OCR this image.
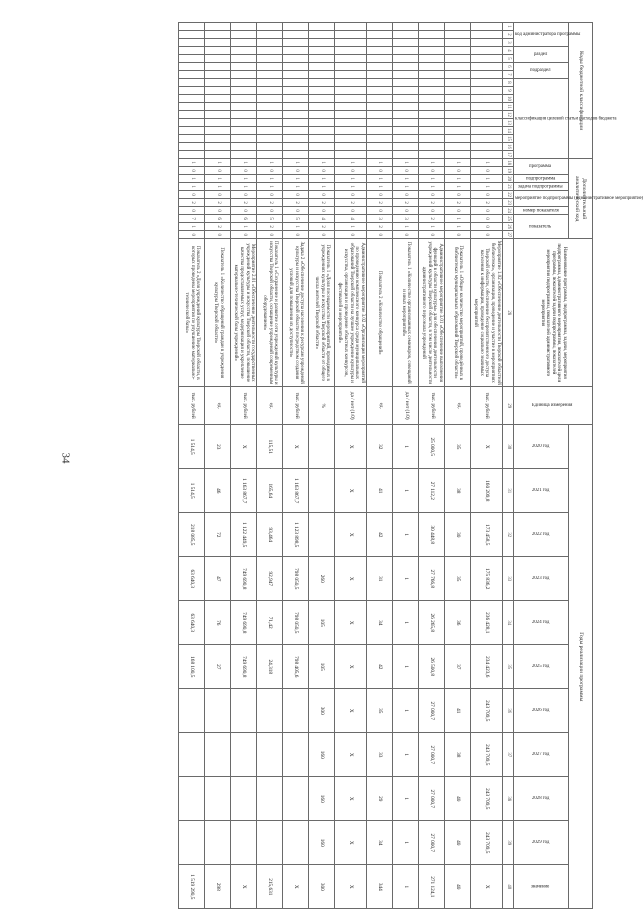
34
Коды бюджетной классификации																	Дополнительный аналитический код										Наименование программы, подпрограммы, задачи, мероприятия подпрограммы, административного мероприятия, показателей цели программы, показателей задачи подпрограммы, показателей мероприятия подпрограммы, показателей административного мероприятия	Единица измерения	Годы реализации программы	
код администратора программы			раздел		подраздел		классификация целевой статьи расходов бюджета										программа		подпрограмма	задача подпрограммы	мероприятие подпрограммы (административное мероприятие)		номер показателя	показатель					2020 год	2021 год	2022 год	2023 год	2024 год	2025 год	2026 год	2027 год	2028 год	2029 год	значение	
1	2	3	4	5	6	7	8	9	10	11	12	13	14	15	16	17	18	19	20	21	22	23	24	25	26	27	28	29	30	31	32	33	34	35	36	37	38	39	40	
																	1	0	1	1	0	2	0	0	0	0	Мероприятие 1.02 «Обеспечение деятельности Тверской областной библиотеки», организация, проведение и участие в мероприятиях Тверской области, обеспечение беспрепятственного доступа населения к информации, проведение социально значимых мероприятий	тыс. рублей	Х	160 209,8	173 458,5	175 836,2	236 428,1	234 423,6	243 709,5	243 709,5	243 709,5	243 709,5	Х	
																	1	0	1	1	0	2	0	1	1	0	Показатель 1 «Общее количество мероприятий, проведённых в библиотеках муниципальных образований Тверской области»	ед.	35	38	30	35	36	37	41	38	40	40	40	
																	1	0	1	1	0	2	0	2	1	0	Административное мероприятие 3.01 «Обеспечение выполнения функций в области культуры» для обеспечения деятельности учреждений культуры Тверской области, в том числе деятельности административного персонала учреждений	тыс. рублей	25 000,5	27 112,2	30 448,8	27 766,8	26 265,8	26 500,8	27 000,7	27 000,7	27 000,7	27 000,7	271 124,1	
																	1	0	1	1	0	2	0	3	1	0	Показатель 1 «Количество организованных семинаров, совещаний и иных мероприятий»	да / нет (1/0)	1	1	1	1	1	1	1	1	1	1	1	
																	1	0	1	1	0	2	0	3	2	0	Показатель 2 «Количество обращений»	ед.	32	41	42	31	34	42	35	33	29	34	344	
																	1	0	1	1	0	2	0	4	1	0	Административное мероприятие 3.02 «Организация мероприятий по проведению комплексного конкурса среди муниципальных образований Тверской области на лучшее учреждение культуры и искусства, организация и проведение областных конкурсов, фестивалей и мероприятий»	да / нет (1/0)	Х	Х	Х	Х	Х	Х	Х	Х	Х	Х	Х	
																	1	0	1	1	0	2	0	4	2	0	Показатель 1 «Доля посещаемости мероприятий, проводимых в учреждениях культуры и искусства Тверской области от общего числа жителей Тверской области»	%				260	105	105	300	160	160	160	300	
																	1	0	1	1	0	2	0	5	1	0	Задача 2 «Обеспечение доступа населения к ресурсам учреждений культуры и искусства Тверской области посредством создания условий для повышения их доступности»	тыс. рублей	Х	1 163 867,7	1 123 898,5	798 050,5	798 050,5	798 405,6					Х	
																	1	0	1	1	0	2	0	5	2	0	Показатель 1 «Сохранение и развитие сети учреждений культуры и искусства Тверской области, оснащение учреждений современным оборудованием»	ед.	115,51	165,64	93,464	92,947	71,42	24,318					215,631	
																	1	0	1	1	0	2	0	6	1	0	Мероприятие 2.01 «Обеспечение деятельности государственных учреждений культуры и искусства Тверской области, повышение качества предоставляемых услуг, модернизация и укрепление материально-технической базы учреждений»	тыс. рублей	Х	1 163 867,7	1 122 449,5	749 690,8	749 690,8	749 690,8					Х	
																	1	0	1	1	0	2	0	6	2	0	Показатель 1 «Количество обращений граждан в учреждения культуры Тверской области»	ед.	23	46	72	47	76	27					298	
																	1	0	1	1	0	2	0	7	1	0	Показатель 2 «Доля учреждений культуры Тверской области, в которых проведены мероприятия по улучшению материально-технической базы»	тыс. рублей	1 514,5	1 514,5	218 085,5	63 640,3	63 640,3	168 100,5					1 519 290,5	
